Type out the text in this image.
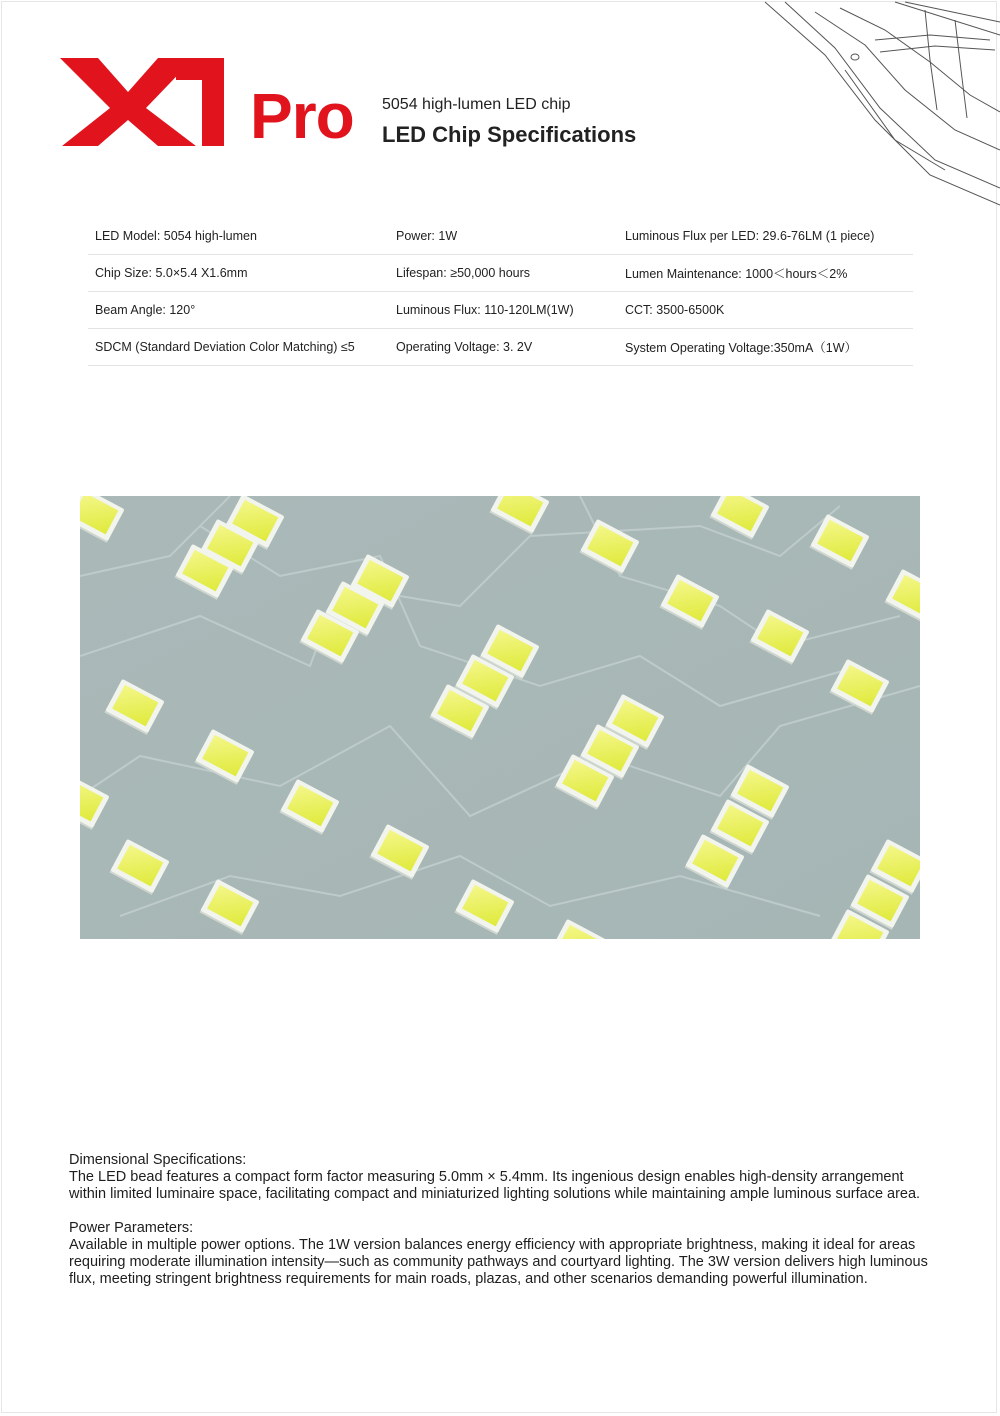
Pro 5054 high-lumen LED chip
LED Chip Specifications
LED Model: 5054 high-lumen	Power: 1W	Luminous Flux per LED: 29.6-76LM (1 piece)
Chip Size: 5.0×5.4 X1.6mm	Lifespan: ≥50,000 hours	Lumen Maintenance: 1000＜hours＜2%
Beam Angle: 120°	Luminous Flux: 110-120LM(1W)	CCT: 3500-6500K
SDCM (Standard Deviation Color Matching) ≤5	Operating Voltage: 3. 2V	System Operating Voltage:350mA（1W）

Dimensional Specifications:

The LED bead features a compact form factor measuring 5.0mm × 5.4mm. Its ingenious design enables high-density arrangement within limited luminaire space, facilitating compact and miniaturized lighting solutions while maintaining ample luminous surface area.

Power Parameters:

Available in multiple power options. The 1W version balances energy efficiency with appropriate brightness, making it ideal for areas requiring moderate illumination intensity—such as community pathways and courtyard lighting. The 3W version delivers high luminous flux, meeting stringent brightness requirements for main roads, plazas, and other scenarios demanding powerful illumination.
